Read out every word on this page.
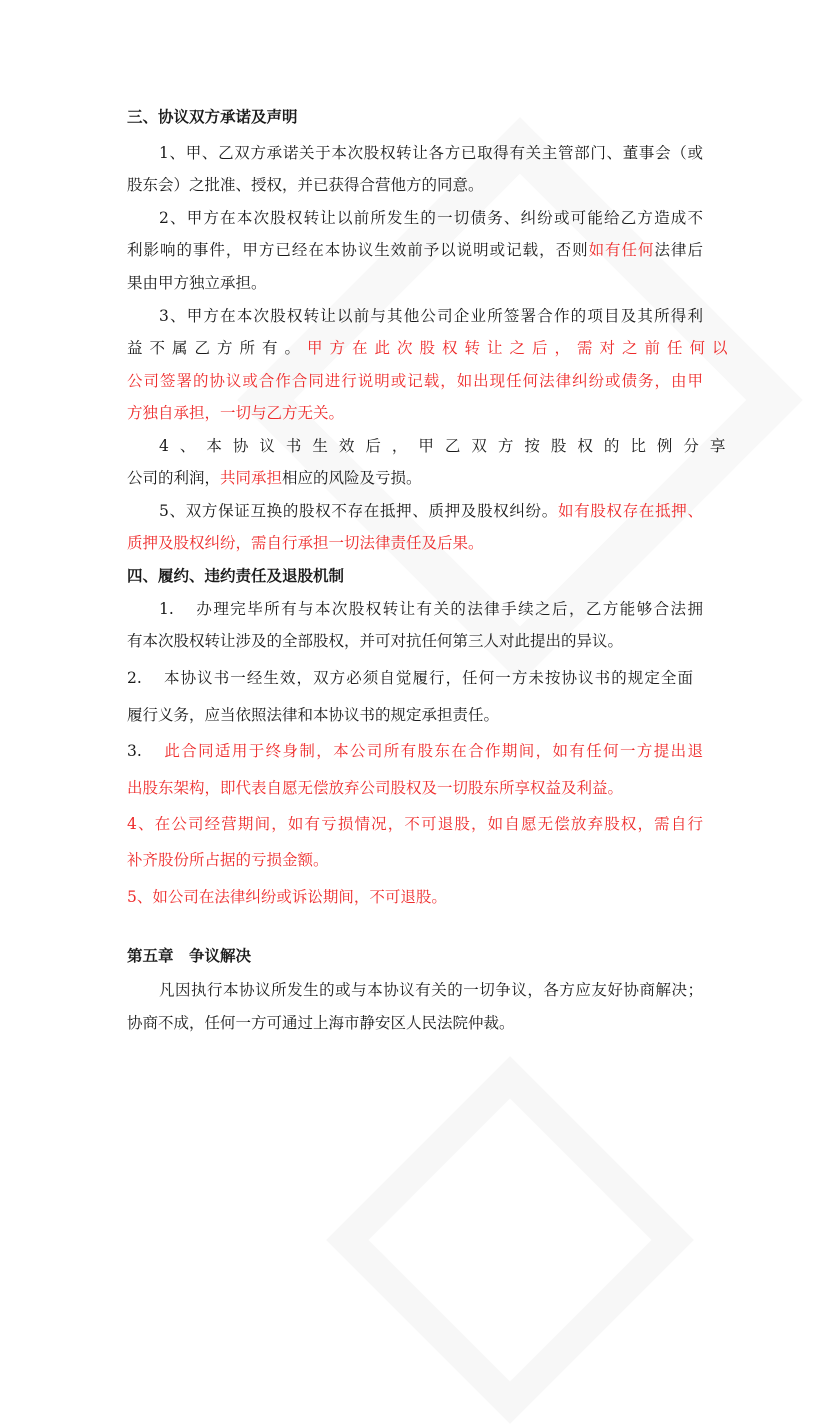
三、协议双方承诺及声明
1、甲、乙双方承诺关于本次股权转让各方已取得有关主管部门、董事会（或
股东会）之批准、授权，并已获得合营他方的同意。
2、甲方在本次股权转让以前所发生的一切债务、纠纷或可能给乙方造成不
利影响的事件，甲方已经在本协议生效前予以说明或记载，否则如有任何法律后
果由甲方独立承担。
3、甲方在本次股权转让以前与其他公司企业所签署合作的项目及其所得利
益不属乙方所有。甲方在此次股权转让之后，需对之前任何以
公司签署的协议或合作合同进行说明或记载，如出现任何法律纠纷或债务，由甲
方独自承担，一切与乙方无关。
4、本协议书生效后，甲乙双方按股权的比例分享
公司的利润，共同承担相应的风险及亏损。
5、双方保证互换的股权不存在抵押、质押及股权纠纷。如有股权存在抵押、
质押及股权纠纷，需自行承担一切法律责任及后果。
四、履约、违约责任及退股机制
1. 办理完毕所有与本次股权转让有关的法律手续之后，乙方能够合法拥
有本次股权转让涉及的全部股权，并可对抗任何第三人对此提出的异议。
2. 本协议书一经生效，双方必须自觉履行，任何一方未按协议书的规定全面
履行义务，应当依照法律和本协议书的规定承担责任。
3. 此合同适用于终身制，本公司所有股东在合作期间，如有任何一方提出退
出股东架构，即代表自愿无偿放弃公司股权及一切股东所享权益及利益。
4、在公司经营期间，如有亏损情况，不可退股，如自愿无偿放弃股权，需自行
补齐股份所占据的亏损金额。
5、如公司在法律纠纷或诉讼期间，不可退股。
第五章　争议解决
凡因执行本协议所发生的或与本协议有关的一切争议，各方应友好协商解决；
协商不成，任何一方可通过上海市静安区人民法院仲裁。
